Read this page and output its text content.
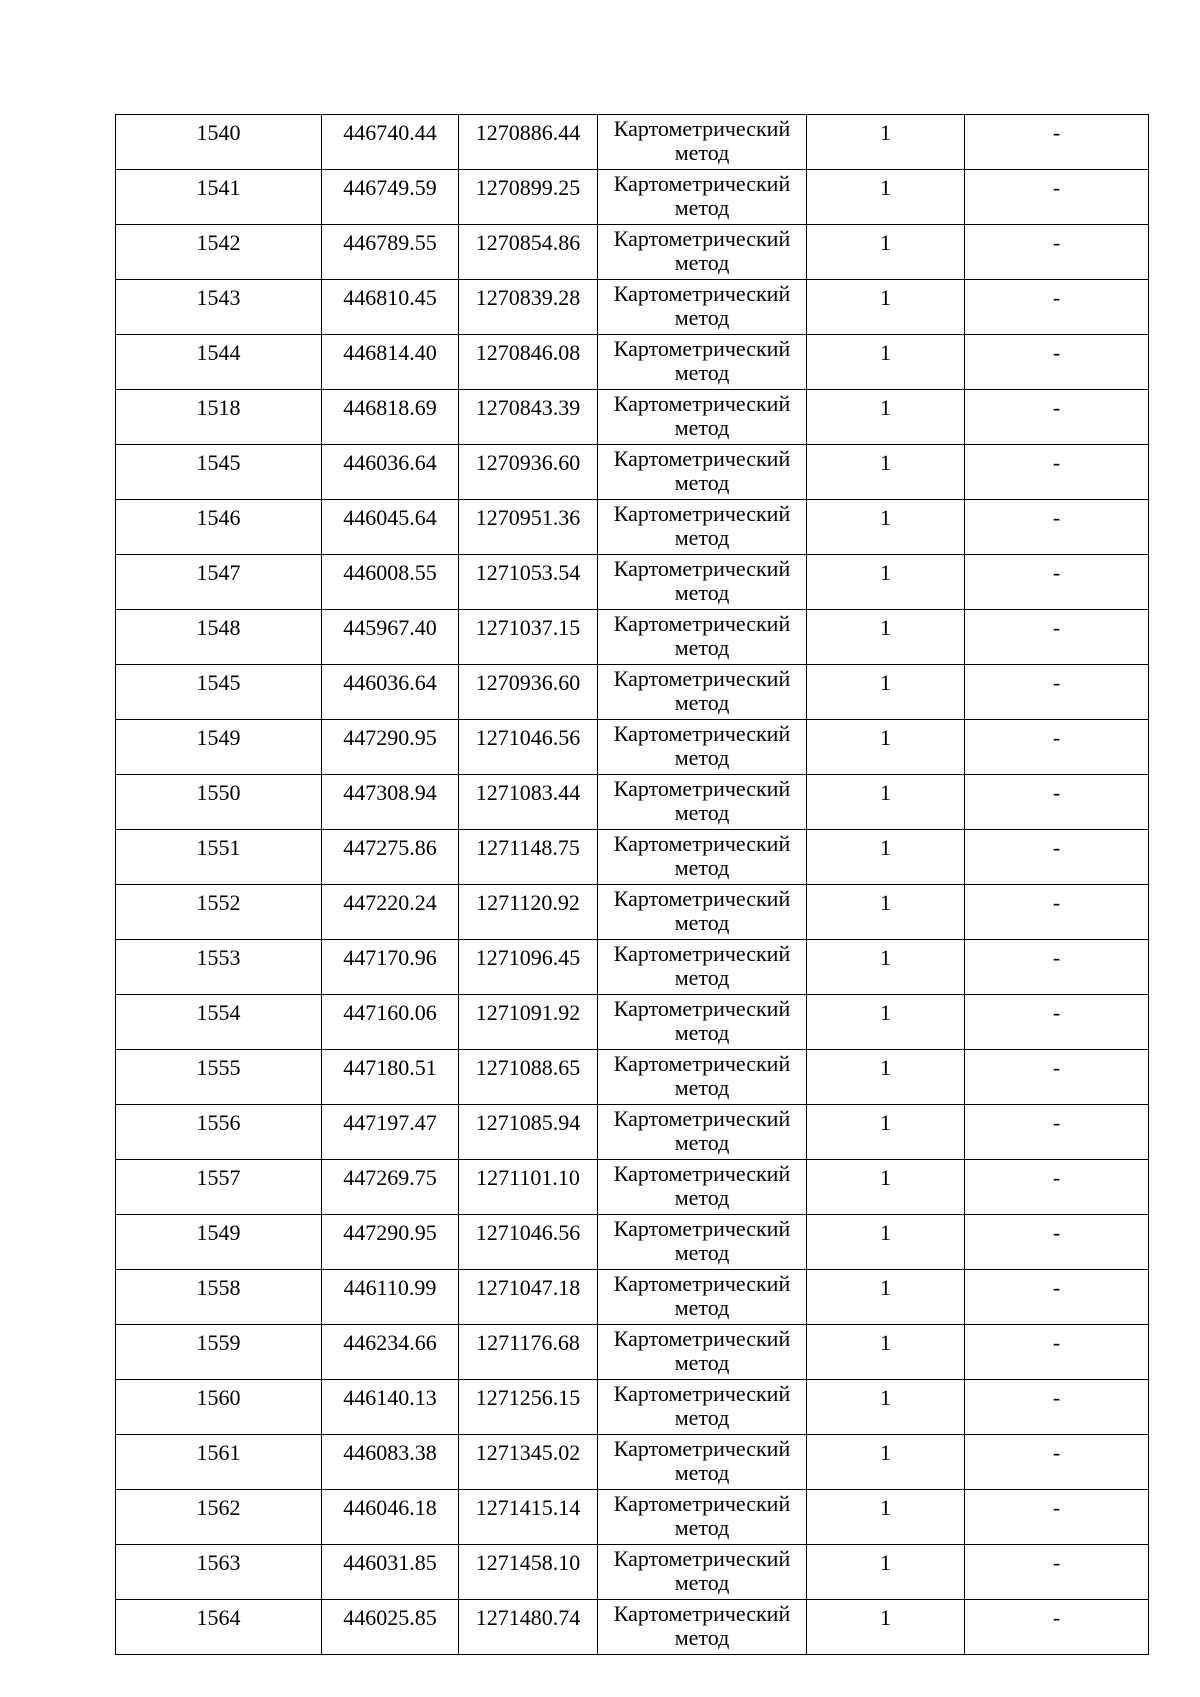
1540	446740.44	1270886.44	Картометрический
метод	1	-
1541	446749.59	1270899.25	Картометрический
метод	1	-
1542	446789.55	1270854.86	Картометрический
метод	1	-
1543	446810.45	1270839.28	Картометрический
метод	1	-
1544	446814.40	1270846.08	Картометрический
метод	1	-
1518	446818.69	1270843.39	Картометрический
метод	1	-
1545	446036.64	1270936.60	Картометрический
метод	1	-
1546	446045.64	1270951.36	Картометрический
метод	1	-
1547	446008.55	1271053.54	Картометрический
метод	1	-
1548	445967.40	1271037.15	Картометрический
метод	1	-
1545	446036.64	1270936.60	Картометрический
метод	1	-
1549	447290.95	1271046.56	Картометрический
метод	1	-
1550	447308.94	1271083.44	Картометрический
метод	1	-
1551	447275.86	1271148.75	Картометрический
метод	1	-
1552	447220.24	1271120.92	Картометрический
метод	1	-
1553	447170.96	1271096.45	Картометрический
метод	1	-
1554	447160.06	1271091.92	Картометрический
метод	1	-
1555	447180.51	1271088.65	Картометрический
метод	1	-
1556	447197.47	1271085.94	Картометрический
метод	1	-
1557	447269.75	1271101.10	Картометрический
метод	1	-
1549	447290.95	1271046.56	Картометрический
метод	1	-
1558	446110.99	1271047.18	Картометрический
метод	1	-
1559	446234.66	1271176.68	Картометрический
метод	1	-
1560	446140.13	1271256.15	Картометрический
метод	1	-
1561	446083.38	1271345.02	Картометрический
метод	1	-
1562	446046.18	1271415.14	Картометрический
метод	1	-
1563	446031.85	1271458.10	Картометрический
метод	1	-
1564	446025.85	1271480.74	Картометрический
метод	1	-
